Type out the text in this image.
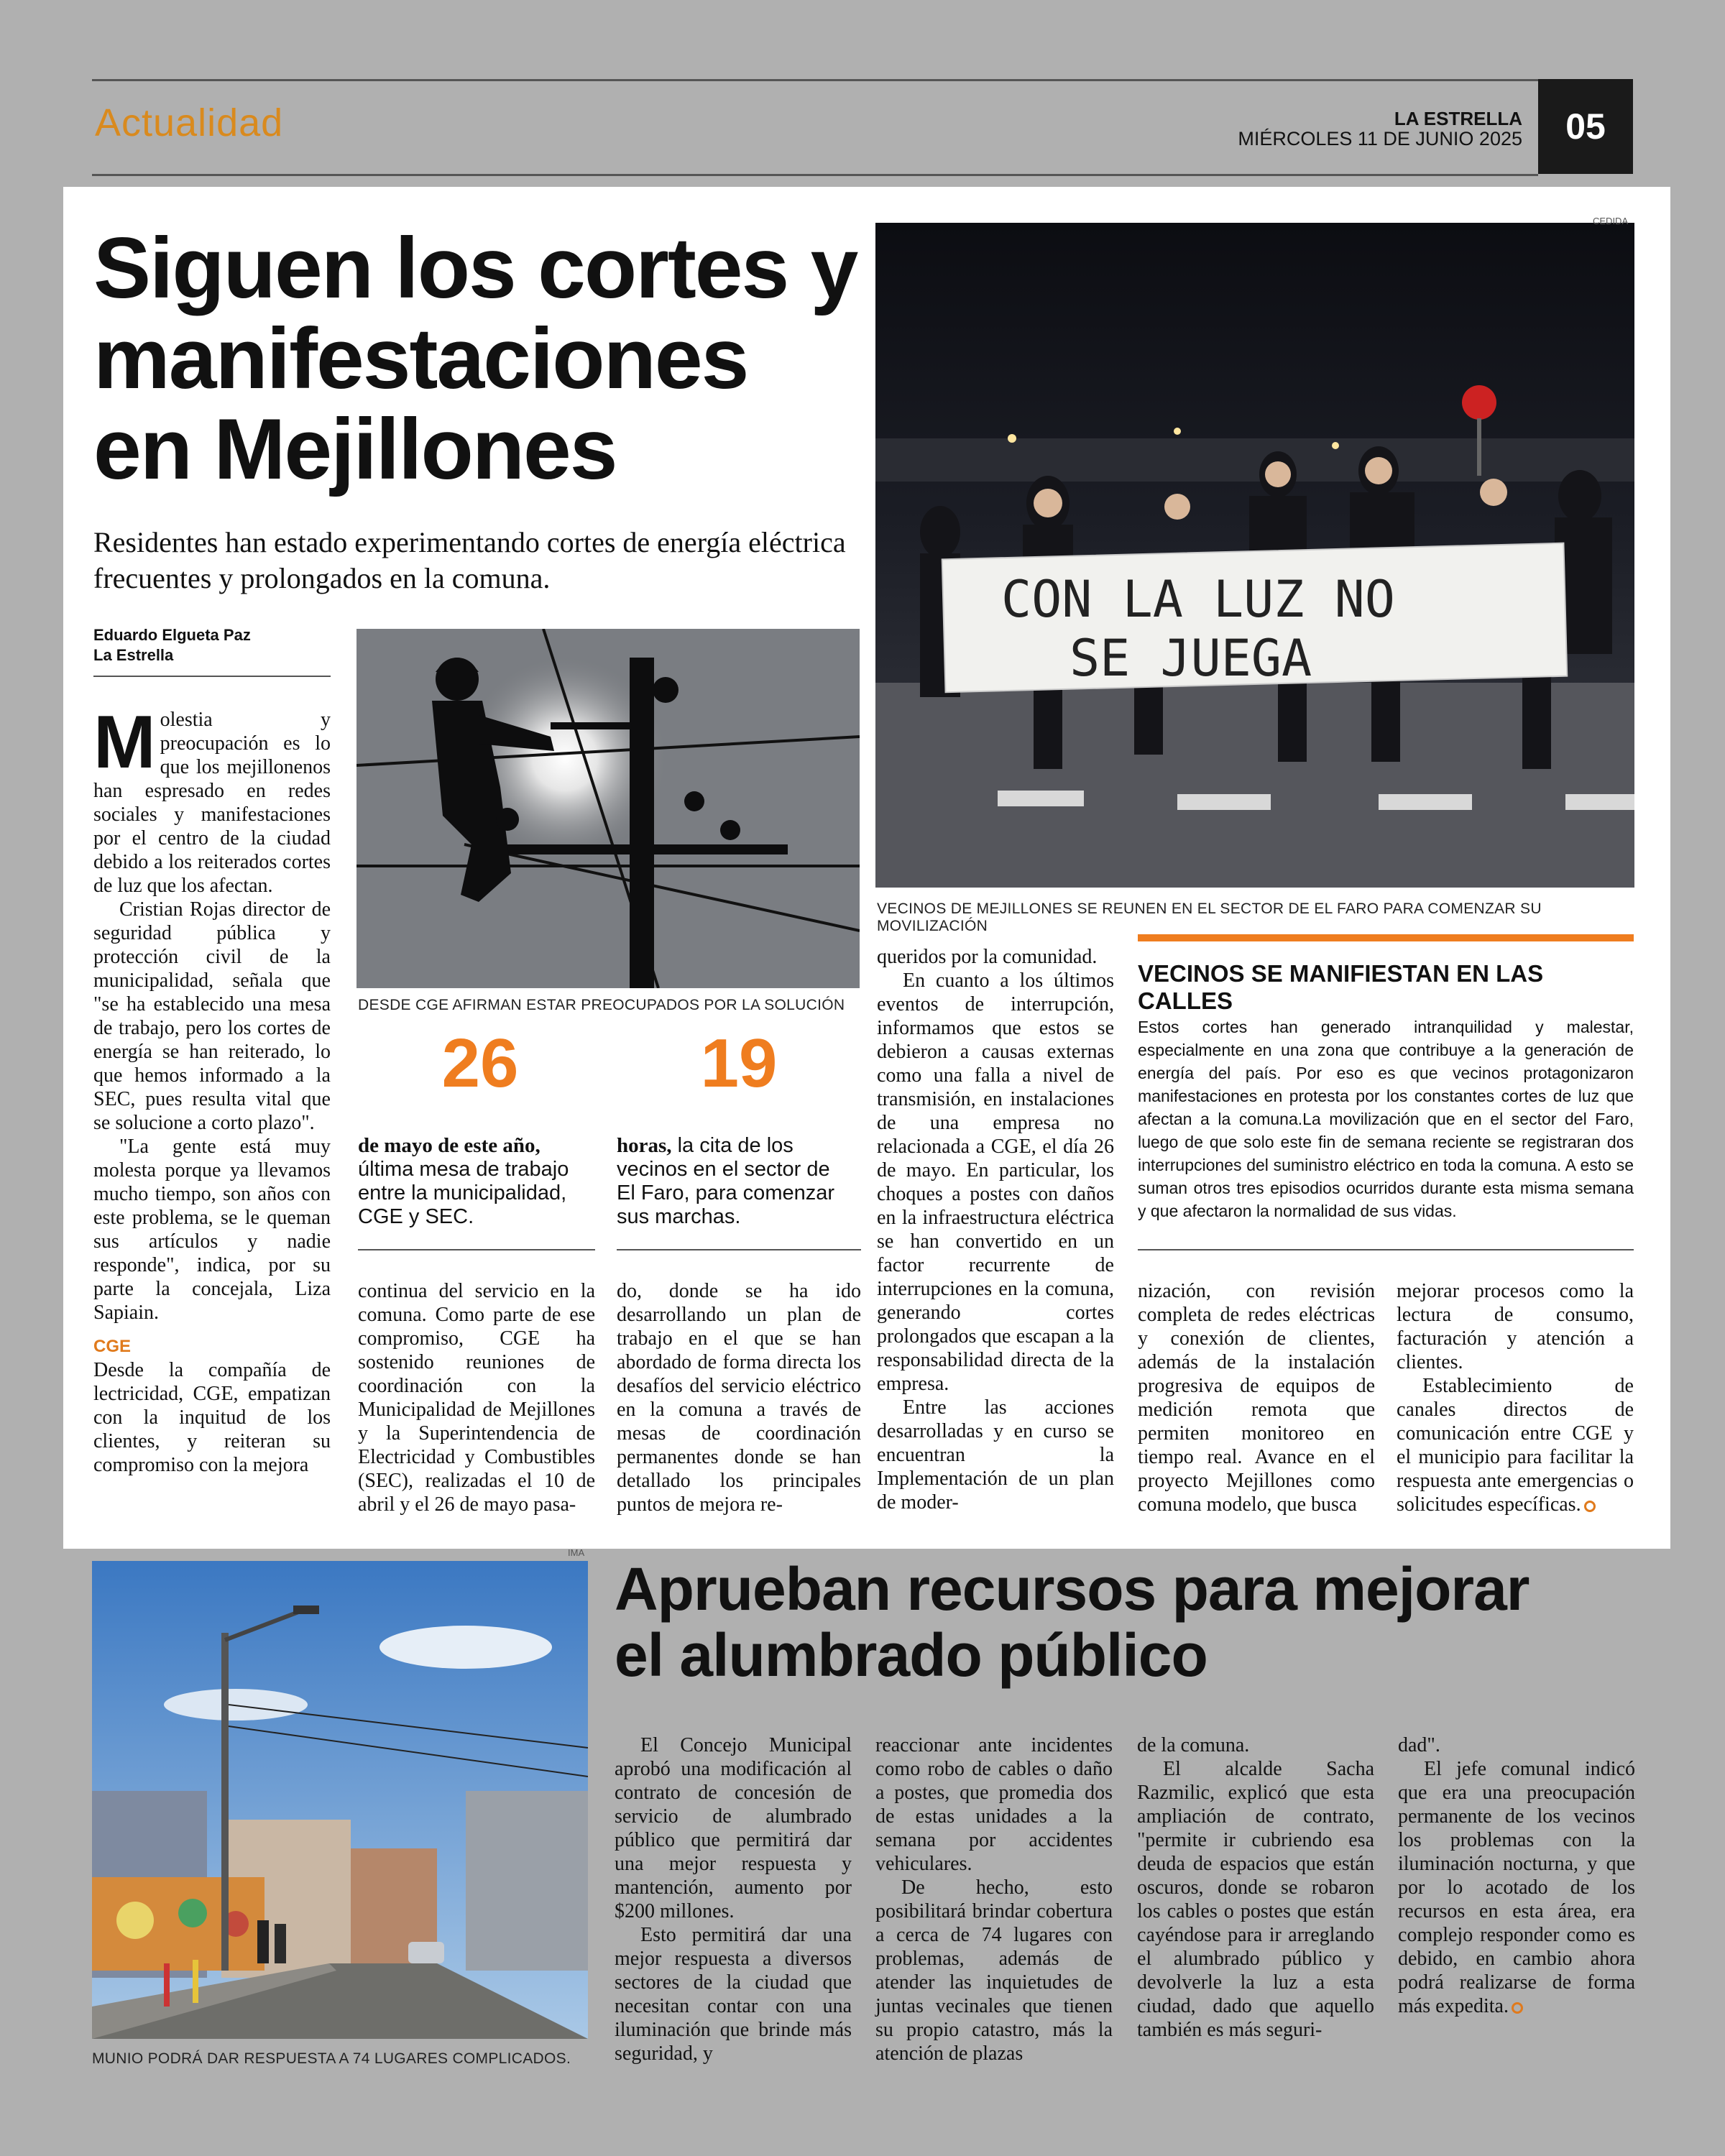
Actualidad	LA ESTRELLA
MIÉRCOLES 11 DE JUNIO 2025	05
Siguen los cortes y
manifestaciones
en Mejillones
Residentes han estado experimentando cortes de energía eléctrica frecuentes y prolongados en la comuna.
Eduardo Elgueta Paz
La Estrella
CON LA LUZ NO
SE JUEGA
CEDIDA
VECINOS DE MEJILLONES SE REUNEN EN EL SECTOR DE EL FARO PARA COMENZAR SU MOVILIZACIÓN
DESDE CGE AFIRMAN ESTAR PREOCUPADOS POR LA SOLUCIÓN
26
de mayo de este año, última mesa de trabajo entre la municipalidad, CGE y SEC.
19
horas, la cita de los vecinos en el sector de El Faro, para comenzar sus marchas.

Molestia y preocupación es lo que los mejillonenos han espresado en redes sociales y manifestaciones por el centro de la ciudad debido a los reiterados cortes de luz que los afectan.

Cristian Rojas director de seguridad pública y protección civil de la municipalidad, señala que "se ha establecido una mesa de trabajo, pero los cortes de energía se han reiterado, lo que hemos informado a la SEC, pues resulta vital que se solucione a corto plazo".

"La gente está muy molesta porque ya llevamos mucho tiempo, son años con este problema, se le queman sus artículos y nadie responde", indica, por su parte la concejala, Liza Sapiain.

CGE

Desde la compañía de lectricidad, CGE, empatizan con la inquitud de los clientes, y reiteran su compromiso con la mejora

continua del servicio en la comuna. Como parte de ese compromiso, CGE ha sostenido reuniones de coordinación con la Municipalidad de Mejillones y la Superintendencia de Electricidad y Combustibles (SEC), realizadas el 10 de abril y el 26 de mayo pasa-

do, donde se ha ido desarrollando un plan de trabajo en el que se han abordado de forma directa los desafíos del servicio eléctrico en la comuna a través de mesas de coordinación permanentes donde se han detallado los principales puntos de mejora re-

queridos por la comunidad.

En cuanto a los últimos eventos de interrupción, informamos que estos se debieron a causas externas como una falla a nivel de transmisión, en instalaciones de una empresa no relacionada a CGE, el día 26 de mayo. En particular, los choques a postes con daños en la infraestructura eléctrica se han convertido en un factor recurrente de interrupciones en la comuna, generando cortes prolongados que escapan a la responsabilidad directa de la empresa.

Entre las acciones desarrolladas y en curso se encuentran la Implementación de un plan de moder-

VECINOS SE MANIFIESTAN EN LAS CALLES
Estos cortes han generado intranquilidad y malestar, especialmente en una zona que contribuye a la generación de energía del país. Por eso es que vecinos protagonizaron manifestaciones en protesta por los constantes cortes de luz que afectan a la comuna.La movilización que en el sector del Faro, luego de que solo este fin de semana reciente se registraran dos interrupciones del suministro eléctrico en toda la comuna. A esto se suman otros tres episodios ocurridos durante esta misma semana y que afectaron la normalidad de sus vidas.

nización, con revisión completa de redes eléctricas y conexión de clientes, además de la instalación progresiva de equipos de medición remota que permiten monitoreo en tiempo real. Avance en el proyecto Mejillones como comuna modelo, que busca

mejorar procesos como la lectura de consumo, facturación y atención a clientes.

Establecimiento de canales directos de comunicación entre CGE y el municipio para facilitar la respuesta ante emergencias o solicitudes específicas.

IMA
MUNIO PODRÁ DAR RESPUESTA A 74 LUGARES COMPLICADOS.
Aprueban recursos para mejorar
el alumbrado público

El Concejo Municipal aprobó una modificación al contrato de concesión de servicio de alumbrado público que permitirá dar una mejor respuesta y mantención, aumento por $200 millones.

Esto permitirá dar una mejor respuesta a diversos sectores de la ciudad que necesitan contar con una iluminación que brinde más seguridad, y

reaccionar ante incidentes como robo de cables o daño a postes, que promedia dos de estas unidades a la semana por accidentes vehiculares.

De hecho, esto posibilitará brindar cobertura a cerca de 74 lugares con problemas, además de atender las inquietudes de juntas vecinales que tienen su propio catastro, más la atención de plazas

de la comuna.

El alcalde Sacha Razmilic, explicó que esta ampliación de contrato, "permite ir cubriendo esa deuda de espacios que están oscuros, donde se robaron los cables o postes que están cayéndose para ir arreglando el alumbrado público y devolverle la luz a esta ciudad, dado que aquello también es más seguri-

dad".

El jefe comunal indicó que era una preocupación permanente de los vecinos los problemas con la iluminación nocturna, y que por lo acotado de los recursos en esta área, era complejo responder como es debido, en cambio ahora podrá realizarse de forma más expedita.
